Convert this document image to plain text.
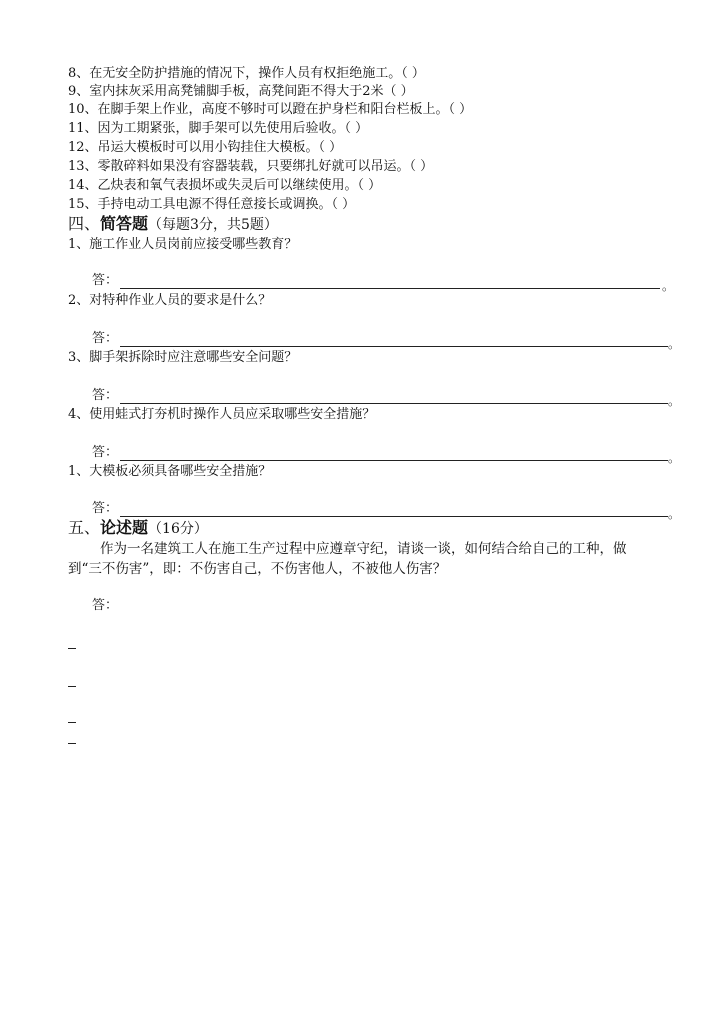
8、在无安全防护措施的情况下，操作人员有权拒绝施工。（ ）
9、室内抹灰采用高凳铺脚手板，高凳间距不得大于2米（ ）
10、在脚手架上作业，高度不够时可以蹬在护身栏和阳台栏板上。（ ）
11、因为工期紧张，脚手架可以先使用后验收。（ ）
12、吊运大模板时可以用小钩挂住大模板。（ ）
13、零散碎料如果没有容器装载，只要绑扎好就可以吊运。（ ）
14、乙炔表和氧气表损坏或失灵后可以继续使用。（ ）
15、手持电动工具电源不得任意接长或调换。（ ）
四、简答题（每题3分，共5题）
1、施工作业人员岗前应接受哪些教育？
答：	。
2、对特种作业人员的要求是什么？
答：	。
3、脚手架拆除时应注意哪些安全问题？
答：	。
4、使用蛙式打夯机时操作人员应采取哪些安全措施？
答：	。
1、大模板必须具备哪些安全措施？
答：	。
五、论述题（16分）
作为一名建筑工人在施工生产过程中应遵章守纪，请谈一谈，如何结合给自己的工种，做
到“三不伤害”，即：不伤害自己，不伤害他人，不被他人伤害？
答：
